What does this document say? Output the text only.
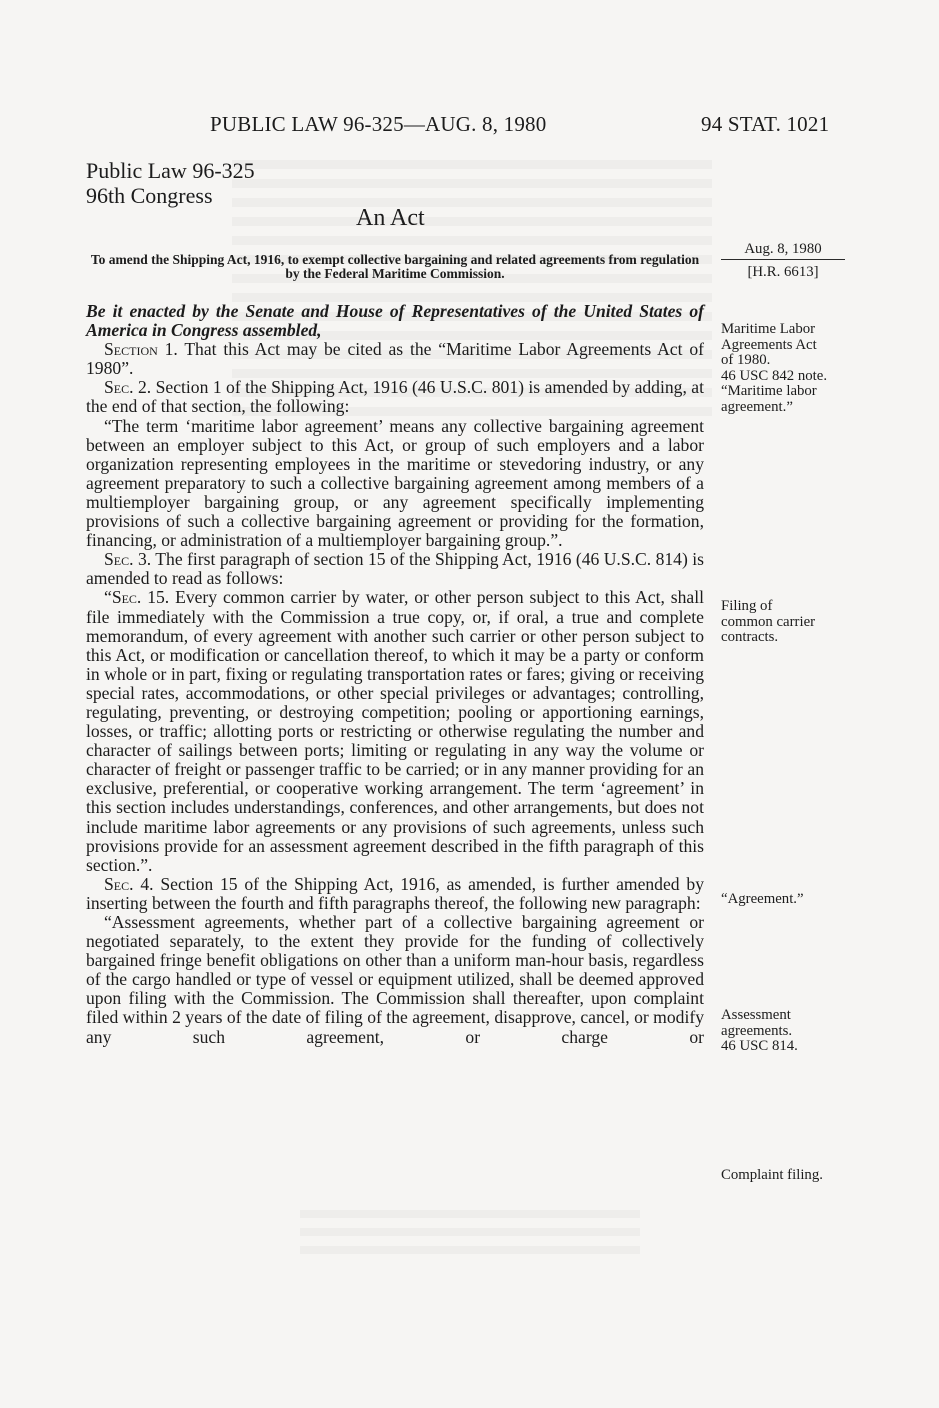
PUBLIC LAW 96-325—AUG. 8, 1980	94 STAT. 1021
Public Law 96-325
96th Congress
An Act
To amend the Shipping Act, 1916, to exempt collective bargaining and related agreements from regulation by the Federal Maritime Commission.
Aug. 8, 1980
[H.R. 6613]
Maritime Labor
Agreements Act
of 1980.
46 USC 842 note.
“Maritime labor
agreement.”
Filing of
common carrier
contracts.
“Agreement.”
Assessment
agreements.
46 USC 814.
Complaint filing.

Be it enacted by the Senate and House of Representatives of the United States of America in Congress assembled,

Section 1. That this Act may be cited as the “Maritime Labor Agreements Act of 1980”.

Sec. 2. Section 1 of the Shipping Act, 1916 (46 U.S.C. 801) is amended by adding, at the end of that section, the following:

“The term ‘maritime labor agreement’ means any collective bargaining agreement between an employer subject to this Act, or group of such employers and a labor organization representing employees in the maritime or stevedoring industry, or any agreement preparatory to such a collective bargaining agreement among members of a multiemployer bargaining group, or any agreement specifically implementing provisions of such a collective bargaining agreement or providing for the formation, financing, or administration of a multiemployer bargaining group.”.

Sec. 3. The first paragraph of section 15 of the Shipping Act, 1916 (46 U.S.C. 814) is amended to read as follows:

“Sec. 15. Every common carrier by water, or other person subject to this Act, shall file immediately with the Commission a true copy, or, if oral, a true and complete memorandum, of every agreement with another such carrier or other person subject to this Act, or modification or cancellation thereof, to which it may be a party or conform in whole or in part, fixing or regulating transportation rates or fares; giving or receiving special rates, accommodations, or other special privileges or advantages; controlling, regulating, preventing, or destroying competition; pooling or apportioning earnings, losses, or traffic; allotting ports or restricting or otherwise regulating the number and character of sailings between ports; limiting or regulating in any way the volume or character of freight or passenger traffic to be carried; or in any manner providing for an exclusive, preferential, or cooperative working arrangement. The term ‘agreement’ in this section includes understandings, conferences, and other arrangements, but does not include maritime labor agreements or any provisions of such agreements, unless such provisions provide for an assessment agreement described in the fifth paragraph of this section.”.

Sec. 4. Section 15 of the Shipping Act, 1916, as amended, is further amended by inserting between the fourth and fifth paragraphs thereof, the following new paragraph:

“Assessment agreements, whether part of a collective bargaining agreement or negotiated separately, to the extent they provide for the funding of collectively bargained fringe benefit obligations on other than a uniform man-hour basis, regardless of the cargo handled or type of vessel or equipment utilized, shall be deemed approved upon filing with the Commission. The Commission shall thereafter, upon complaint filed within 2 years of the date of filing of the agreement, disapprove, cancel, or modify any such agreement, or charge or
